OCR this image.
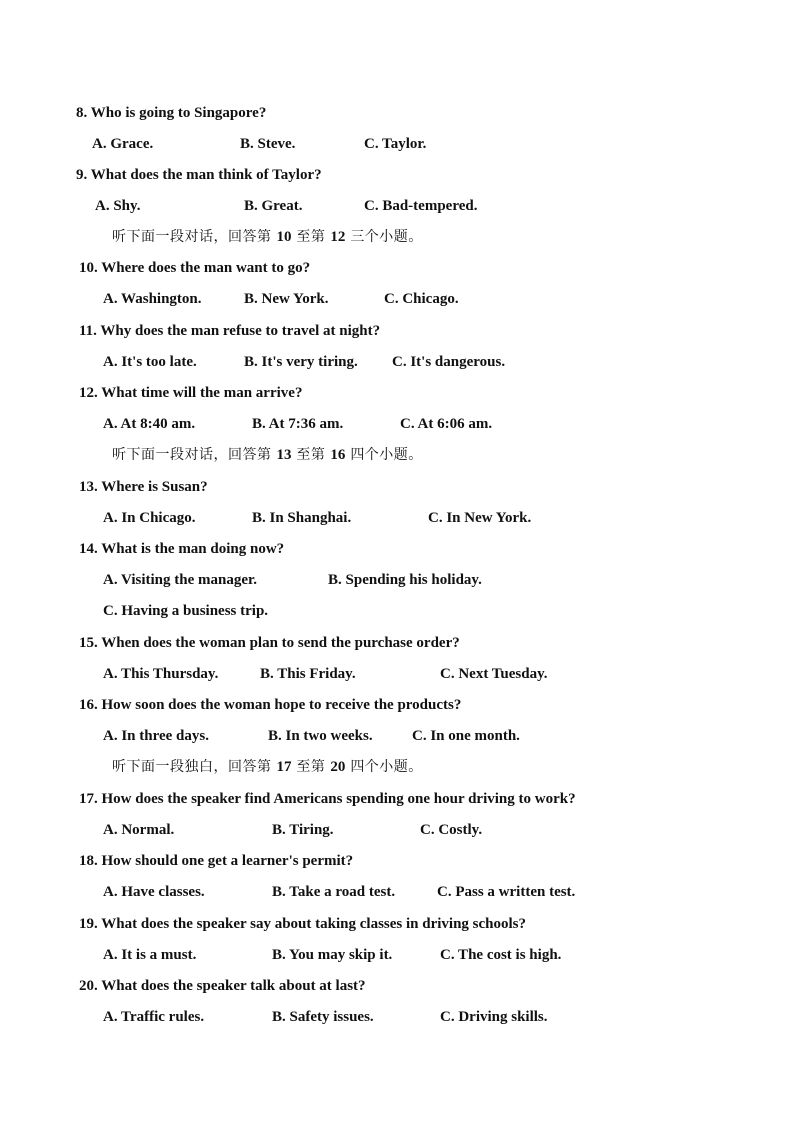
8. Who is going to Singapore?
A. Grace.	B. Steve.	C. Taylor.
9. What does the man think of Taylor?
A. Shy.	B. Great.	C. Bad-tempered.
听下面一段对话，回答第 10 至第 12 三个小题。
10. Where does the man want to go?
A. Washington.	B. New York.	C. Chicago.
11. Why does the man refuse to travel at night?
A. It's too late.	B. It's very tiring. C. It's dangerous.
12. What time will the man arrive?
A. At 8:40 am.	B. At 7:36 am.	C. At 6:06 am.
听下面一段对话，回答第 13 至第 16 四个小题。
13. Where is Susan?
A. In Chicago.	B. In Shanghai.	C. In New York.
14. What is the man doing now?
A. Visiting the manager.	B. Spending his holiday.
C. Having a business trip.
15. When does the woman plan to send the purchase order?
A. This Thursday.	B. This Friday.	C. Next Tuesday.
16. How soon does the woman hope to receive the products?
A. In three days.	B. In two weeks.	C. In one month.
听下面一段独白，回答第 17 至第 20 四个小题。
17. How does the speaker find Americans spending one hour driving to work?
A. Normal.	B. Tiring.	C. Costly.
18. How should one get a learner's permit?
A. Have classes.	B. Take a road test.	C. Pass a written test.
19. What does the speaker say about taking classes in driving schools?
A. It is a must.	B. You may skip it.	C. The cost is high.
20. What does the speaker talk about at last?
A. Traffic rules.	B. Safety issues.	C. Driving skills.
